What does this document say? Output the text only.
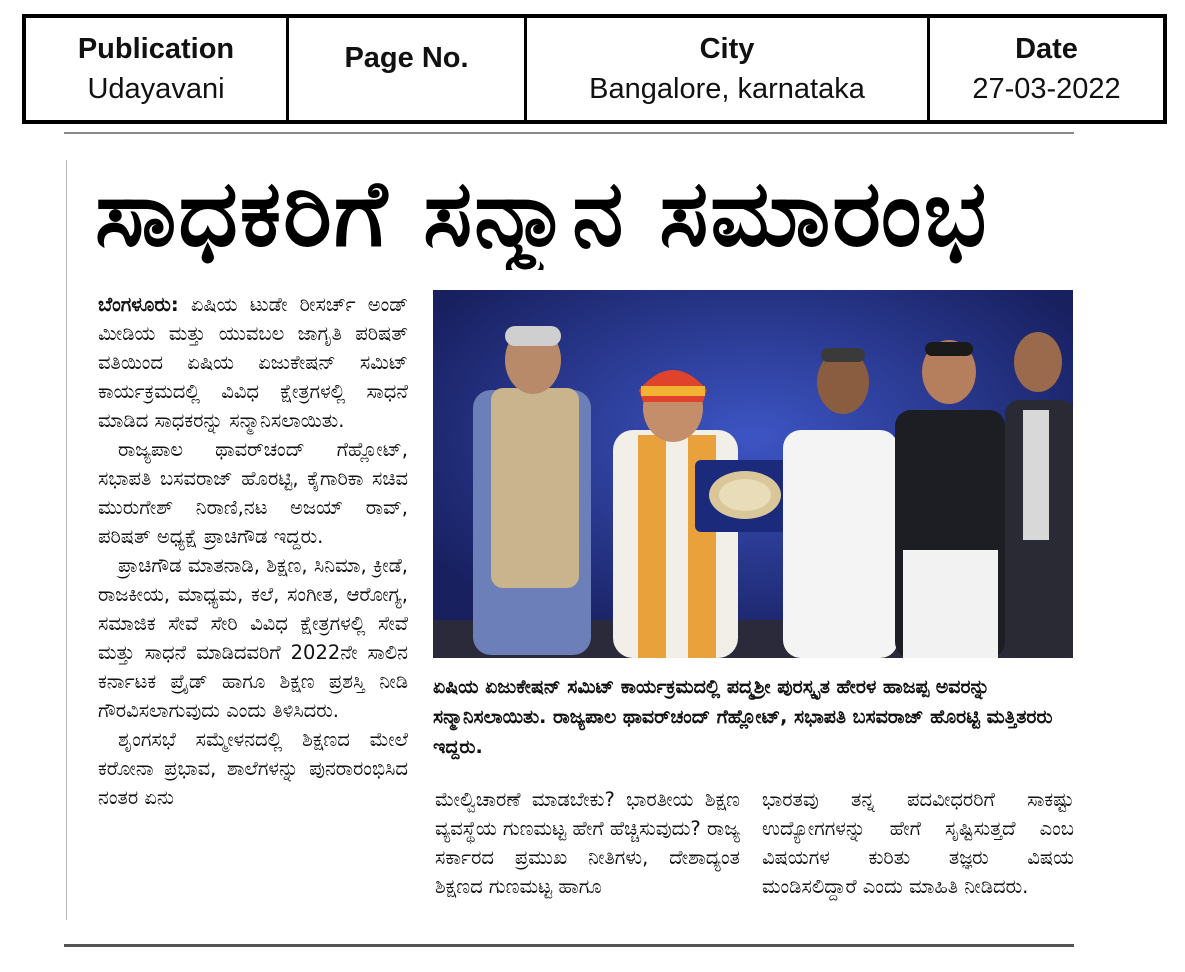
Publication
Udayavani
Page No.	City
Bangalore, karnataka
Date
27-03-2022
ಸಾಧಕರಿಗೆ ಸನ್ಮಾನ ಸಮಾರಂಭ

ಬೆಂಗಳೂರು: ಏಷಿಯ ಟುಡೇ ರೀಸರ್ಚ್ ಅಂಡ್ ಮೀಡಿಯ ಮತ್ತು ಯುವಬಲ ಜಾಗೃತಿ ಪರಿಷತ್ ವತಿಯಿಂದ ಏಷಿಯ ಏಜುಕೇಷನ್ ಸಮಿಟ್ ಕಾರ್ಯಕ್ರಮದಲ್ಲಿ ವಿವಿಧ ಕ್ಷೇತ್ರಗಳಲ್ಲಿ ಸಾಧನೆ ಮಾಡಿದ ಸಾಧಕರನ್ನು ಸನ್ಮಾನಿಸಲಾಯಿತು.

ರಾಜ್ಯಪಾಲ ಥಾವರ್‌ಚಂದ್ ಗೆಹ್ಲೋಟ್, ಸಭಾಪತಿ ಬಸವರಾಜ್ ಹೊರಟ್ಟಿ, ಕೈಗಾರಿಕಾ ಸಚಿವ ಮುರುಗೇಶ್ ನಿರಾಣಿ,ನಟ ಅಜಯ್ ರಾವ್, ಪರಿಷತ್ ಅಧ್ಯಕ್ಷೆ ಪ್ರಾಚಿಗೌಡ ಇದ್ದರು.

ಪ್ರಾಚಿಗೌಡ ಮಾತನಾಡಿ, ಶಿಕ್ಷಣ, ಸಿನಿಮಾ, ಕ್ರೀಡೆ, ರಾಜಕೀಯ, ಮಾಧ್ಯಮ, ಕಲೆ, ಸಂಗೀತ, ಆರೋಗ್ಯ, ಸಮಾಜಿಕ ಸೇವೆ ಸೇರಿ ವಿವಿಧ ಕ್ಷೇತ್ರಗಳಲ್ಲಿ ಸೇವೆ ಮತ್ತು ಸಾಧನೆ ಮಾಡಿದವರಿಗೆ 2022ನೇ ಸಾಲಿನ ಕರ್ನಾಟಕ ಪ್ರೈಡ್ ಹಾಗೂ ಶಿಕ್ಷಣ ಪ್ರಶಸ್ತಿ ನೀಡಿ ಗೌರವಿಸಲಾಗುವುದು ಎಂದು ತಿಳಿಸಿದರು.

ಶೃಂಗಸಭೆ ಸಮ್ಮೇಳನದಲ್ಲಿ ಶಿಕ್ಷಣದ ಮೇಲೆ ಕರೋನಾ ಪ್ರಭಾವ, ಶಾಲೆಗಳನ್ನು ಪುನರಾರಂಭಿಸಿದ ನಂತರ ಏನು

ಏಷಿಯ ಏಜುಕೇಷನ್ ಸಮಿಟ್ ಕಾರ್ಯಕ್ರಮದಲ್ಲಿ ಪದ್ಮಶ್ರೀ ಪುರಸ್ಕೃತ ಹೇರಳ ಹಾಜಪ್ಪ ಅವರನ್ನು ಸನ್ಮಾನಿಸಲಾಯಿತು. ರಾಜ್ಯಪಾಲ ಥಾವರ್‌ಚಂದ್ ಗೆಹ್ಲೋಟ್, ಸಭಾಪತಿ ಬಸವರಾಜ್ ಹೊರಟ್ಟಿ ಮತ್ತಿತರರು ಇದ್ದರು.
ಮೇಲ್ವಿಚಾರಣೆ ಮಾಡಬೇಕು? ಭಾರತೀಯ ಶಿಕ್ಷಣ ವ್ಯವಸ್ಥೆಯ ಗುಣಮಟ್ಟ ಹೇಗೆ ಹೆಚ್ಚಿಸುವುದು? ರಾಜ್ಯ ಸರ್ಕಾರದ ಪ್ರಮುಖ ನೀತಿಗಳು, ದೇಶಾದ್ಯಂತ ಶಿಕ್ಷಣದ ಗುಣಮಟ್ಟ ಹಾಗೂ
ಭಾರತವು ತನ್ನ ಪದವೀಧರರಿಗೆ ಸಾಕಷ್ಟು ಉದ್ಯೋಗಗಳನ್ನು ಹೇಗೆ ಸೃಷ್ಟಿಸುತ್ತದೆ ಎಂಬ ವಿಷಯಗಳ ಕುರಿತು ತಜ್ಞರು ವಿಷಯ ಮಂಡಿಸಲಿದ್ದಾರೆ ಎಂದು ಮಾಹಿತಿ ನೀಡಿದರು.
